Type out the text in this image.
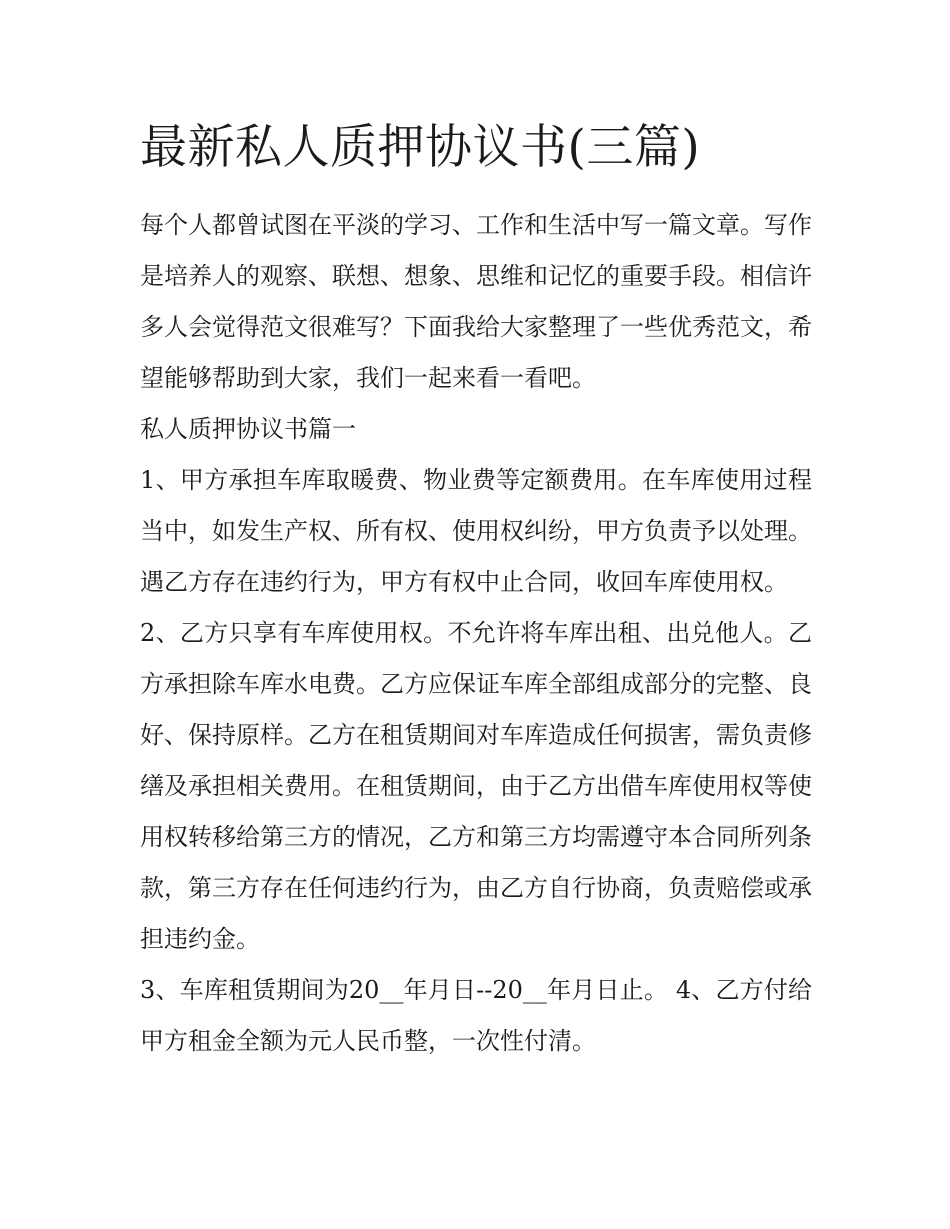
最新私人质押协议书(三篇)

每个人都曾试图在平淡的学习、工作和生活中写一篇文章。写作是培养人的观察、联想、想象、思维和记忆的重要手段。相信许多人会觉得范文很难写？下面我给大家整理了一些优秀范文，希望能够帮助到大家，我们一起来看一看吧。

私人质押协议书篇一

1、甲方承担车库取暖费、物业费等定额费用。在车库使用过程当中，如发生产权、所有权、使用权纠纷，甲方负责予以处理。遇乙方存在违约行为，甲方有权中止合同，收回车库使用权。

2、乙方只享有车库使用权。不允许将车库出租、出兑他人。乙方承担除车库水电费。乙方应保证车库全部组成部分的完整、良好、保持原样。乙方在租赁期间对车库造成任何损害，需负责修缮及承担相关费用。在租赁期间，由于乙方出借车库使用权等使用权转移给第三方的情况，乙方和第三方均需遵守本合同所列条款，第三方存在任何违约行为，由乙方自行协商，负责赔偿或承担违约金。

3、车库租赁期间为20__年月日--20__年月日止。 4、乙方付给甲方租金全额为元人民币整，一次性付清。
